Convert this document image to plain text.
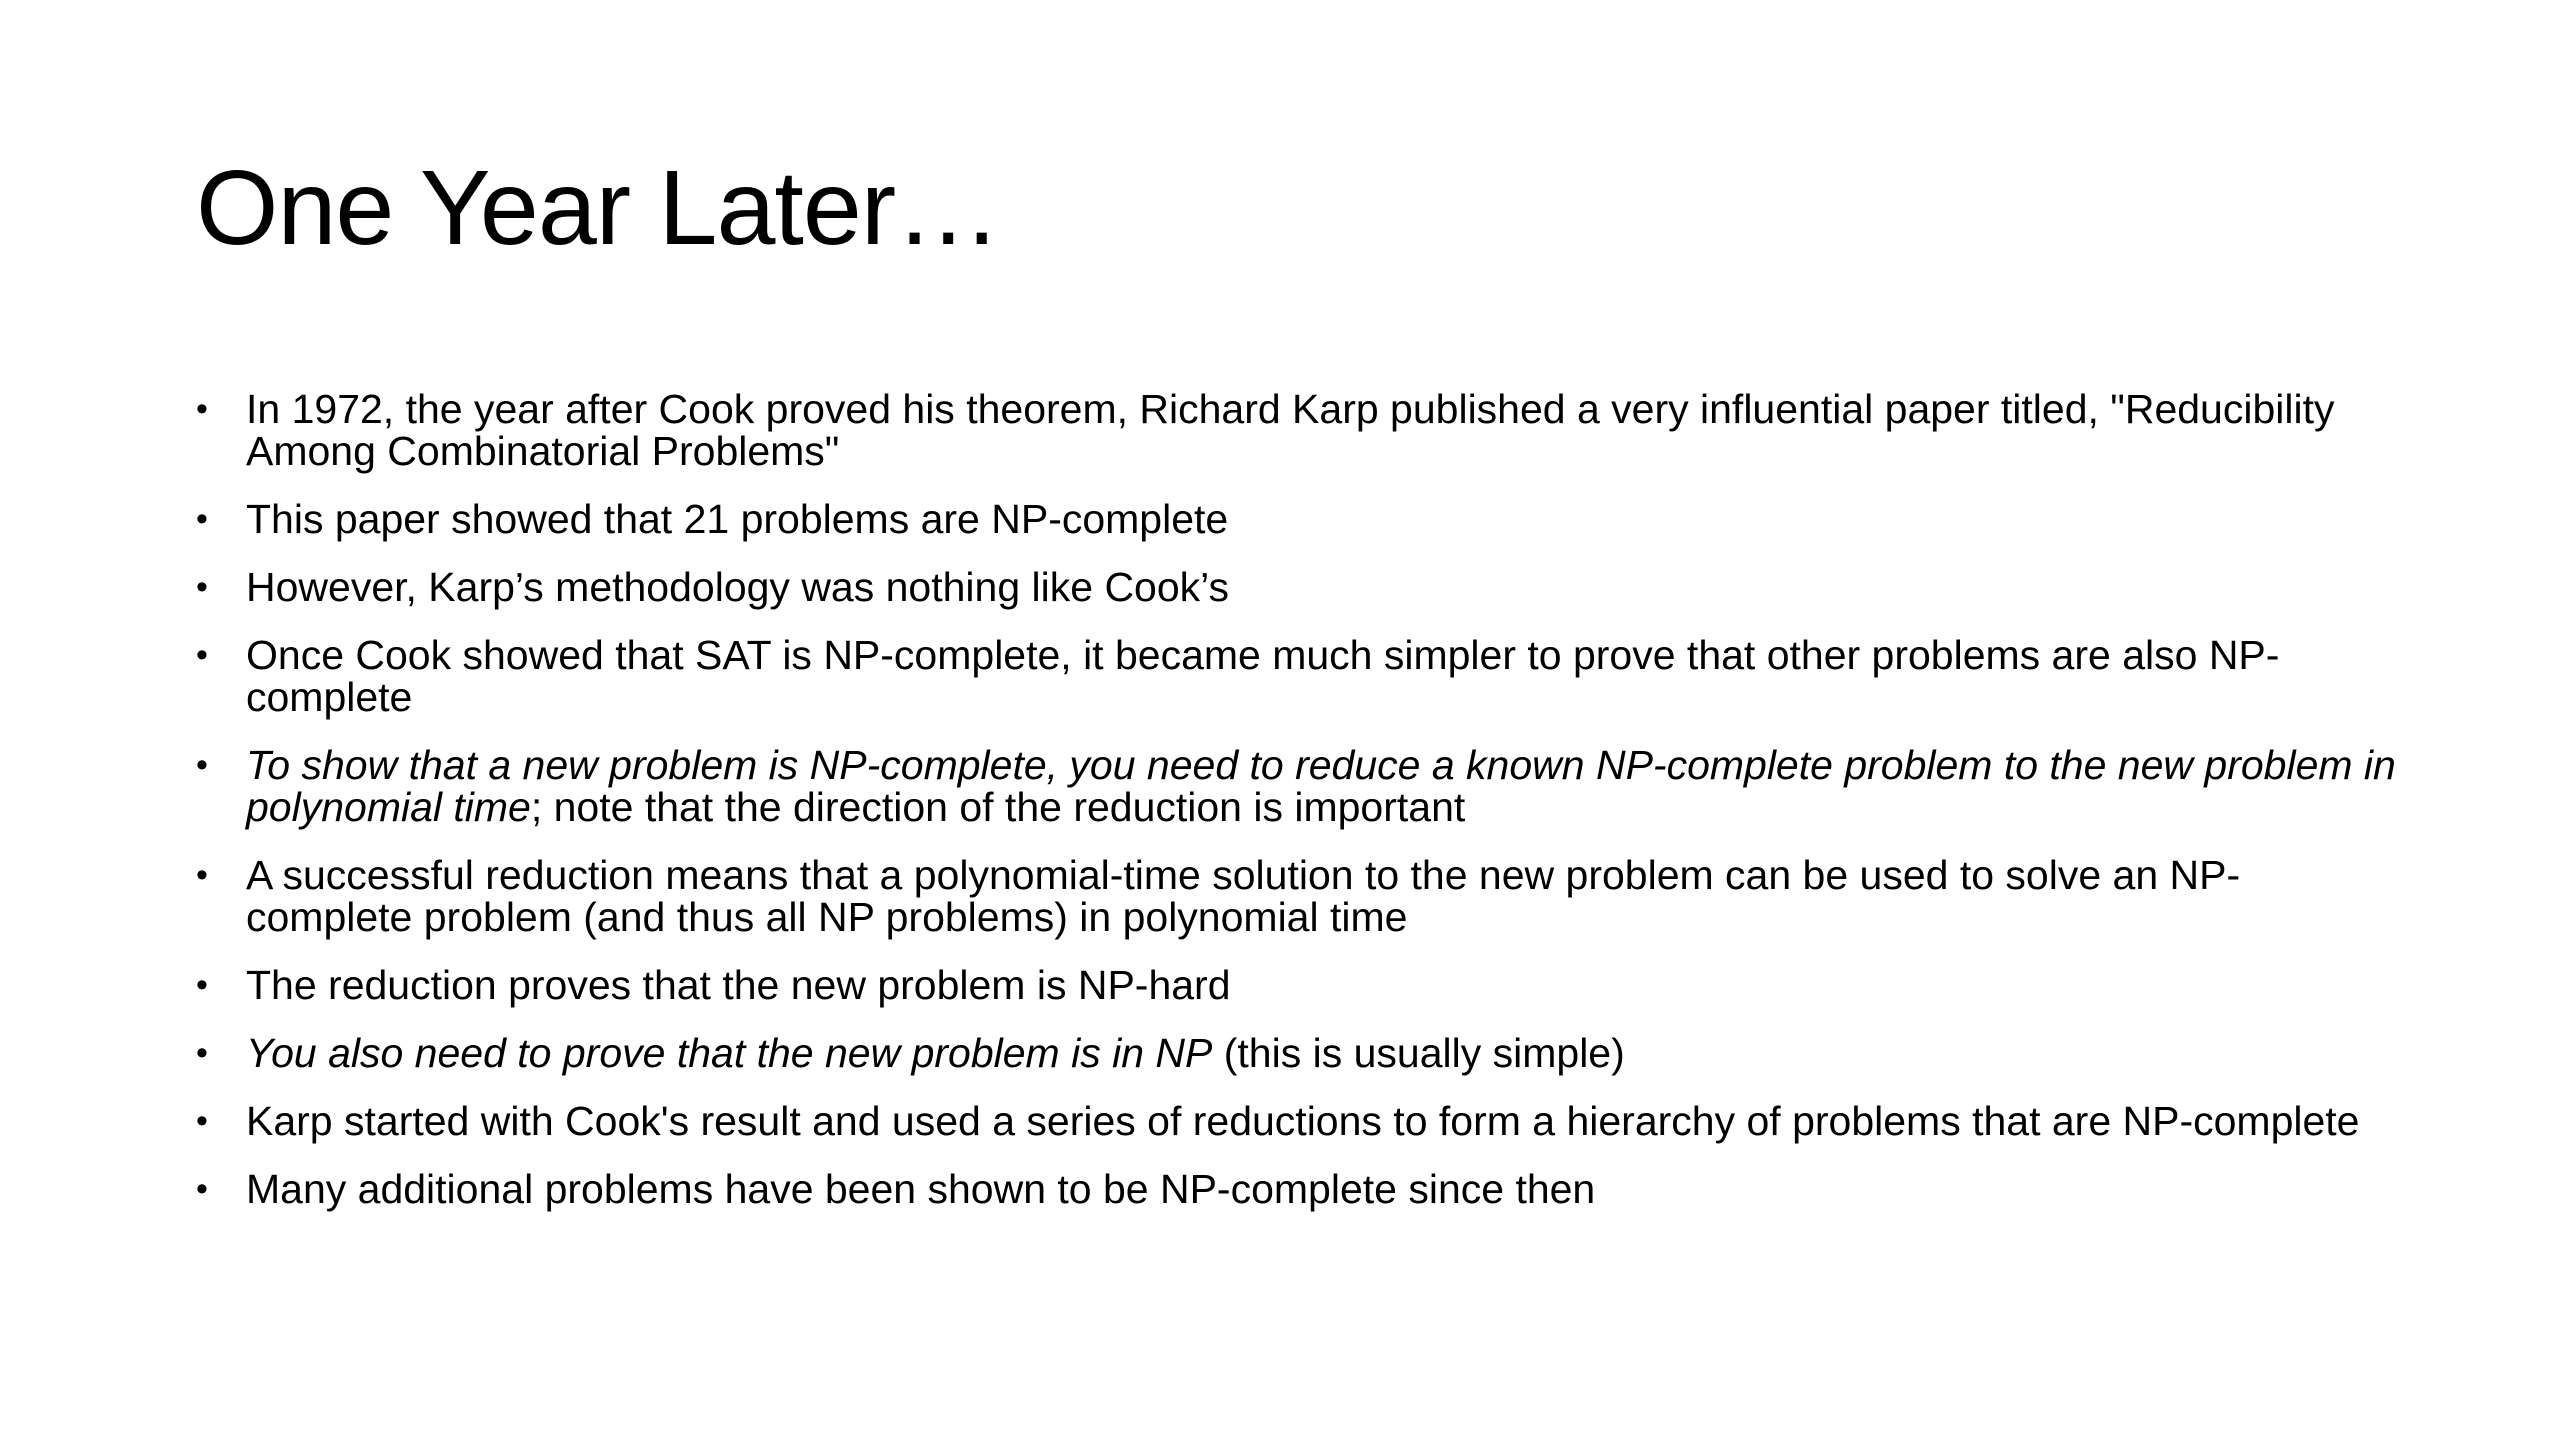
One Year Later…
• In 1972, the year after Cook proved his theorem, Richard Karp published a very influential paper titled, "Reducibility Among Combinatorial Problems"
• This paper showed that 21 problems are NP-complete
• However, Karp’s methodology was nothing like Cook’s
• Once Cook showed that SAT is NP-complete, it became much simpler to prove that other problems are also NP-complete
• To show that a new problem is NP-complete, you need to reduce a known NP-complete problem to the new problem in polynomial time; note that the direction of the reduction is important
• A successful reduction means that a polynomial-time solution to the new problem can be used to solve an NP-complete problem (and thus all NP problems) in polynomial time
• The reduction proves that the new problem is NP-hard
• You also need to prove that the new problem is in NP (this is usually simple)
• Karp started with Cook's result and used a series of reductions to form a hierarchy of problems that are NP-complete
• Many additional problems have been shown to be NP-complete since then
